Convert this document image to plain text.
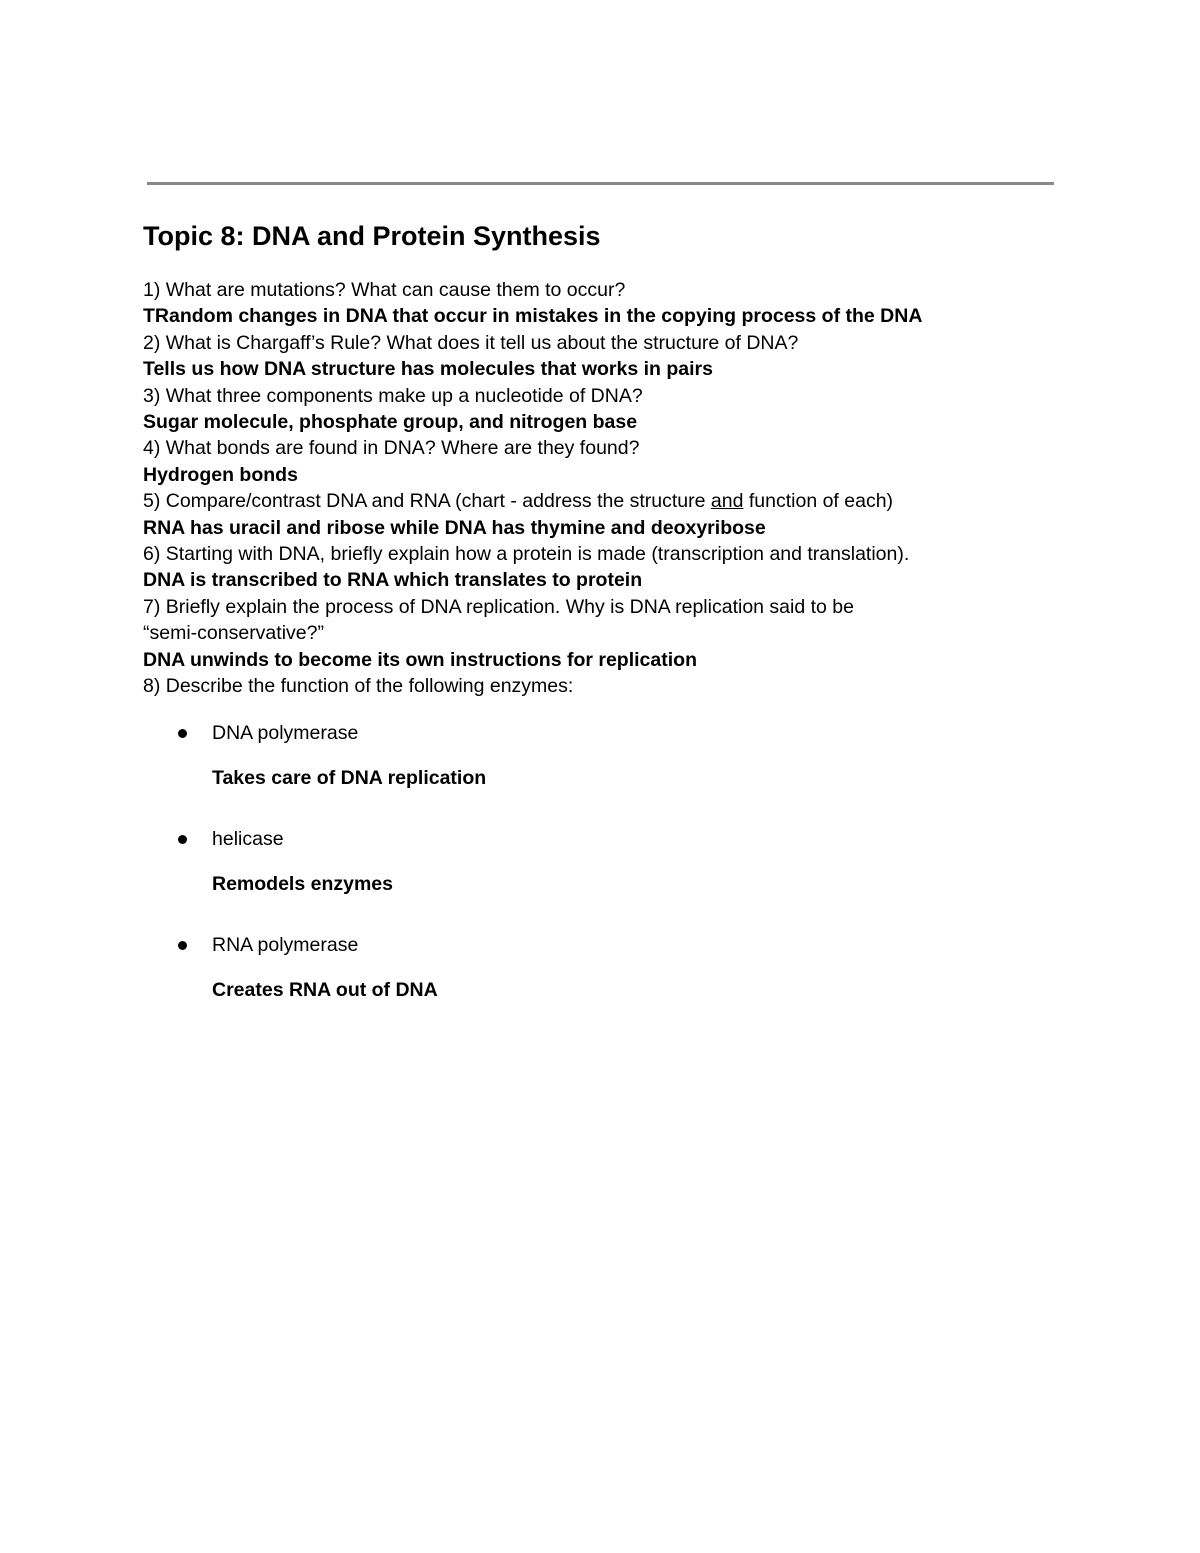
Topic 8: DNA and Protein Synthesis
1) What are mutations? What can cause them to occur?
TRandom changes in DNA that occur in mistakes in the copying process of the DNA
2) What is Chargaff’s Rule? What does it tell us about the structure of DNA?
Tells us how DNA structure has molecules that works in pairs
3) What three components make up a nucleotide of DNA?
Sugar molecule, phosphate group, and nitrogen base
4) What bonds are found in DNA? Where are they found?
Hydrogen bonds
5) Compare/contrast DNA and RNA (chart - address the structure and function of each)
RNA has uracil and ribose while DNA has thymine and deoxyribose
6) Starting with DNA, briefly explain how a protein is made (transcription and translation).
DNA is transcribed to RNA which translates to protein
7) Briefly explain the process of DNA replication. Why is DNA replication said to be
“semi-conservative?”
DNA unwinds to become its own instructions for replication
8) Describe the function of the following enzymes:
DNA polymerase
Takes care of DNA replication
helicase
Remodels enzymes
RNA polymerase
Creates RNA out of DNA
